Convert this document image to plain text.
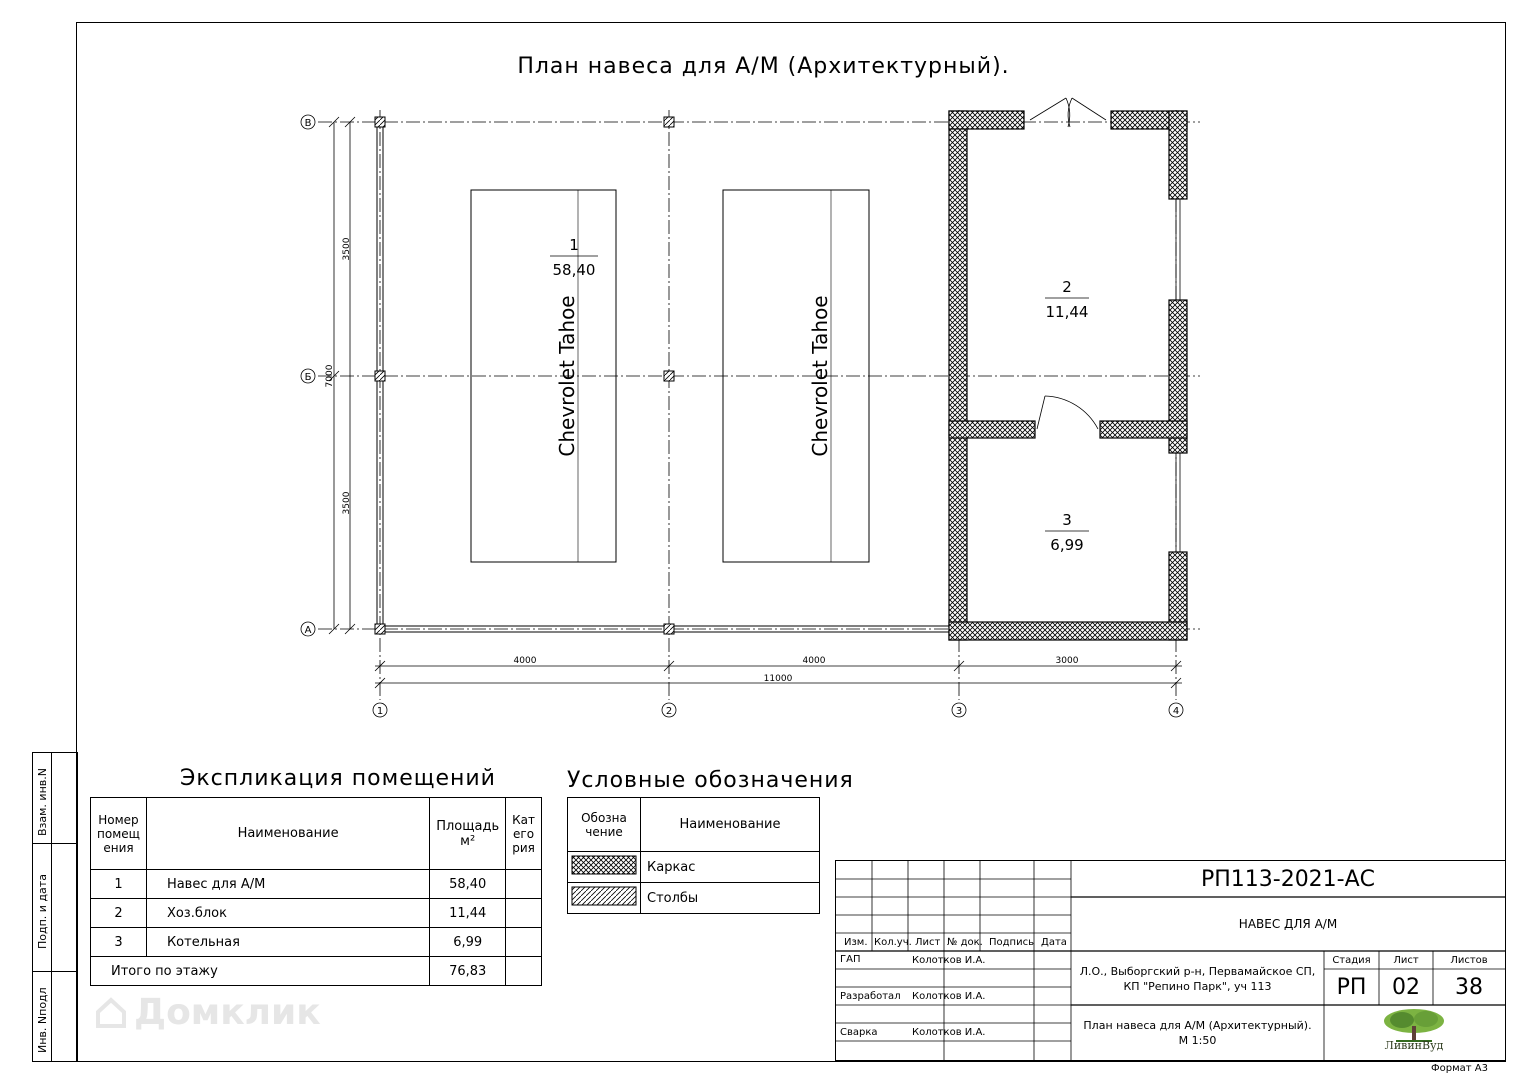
Взам. инв.N
Подп. и дата
Инв. Nподл
План навеса для А/М (Архитектурный).
Chevrolet Tahoe	Chevrolet Tahoe
1
58,40
2
11,44
3
6,99
В
Б
А
3500
3500
7000
4000	4000	3000
11000
1	2	3	4
Экспликация помещений
Номер помещ ения	Наименование	Площадь м²	Кат его рия
1	Навес для А/М	58,40	
2	Хоз.блок	11,44	
3	Котельная	6,99	
Итого по этажу		76,83	
Условные обозначения
Обозна чение	Наименование
	Каркас
	Столбы
Изм. Кол.уч. Лист № док. Подпись Дата
ГАП
Разработал
Сварка
Колотков И.А.
Колотков И.А.
Колотков И.А.
РП113-2021-АС
НАВЕС ДЛЯ А/М
Л.О., Выборгский р-н, Первамайское СП,
КП "Репино Парк", уч 113
План навеса для А/М (Архитектурный).
М 1:50
Стадия	Лист	Листов
РП	02	38
ЛивинВуд
Формат А3
Домклик
